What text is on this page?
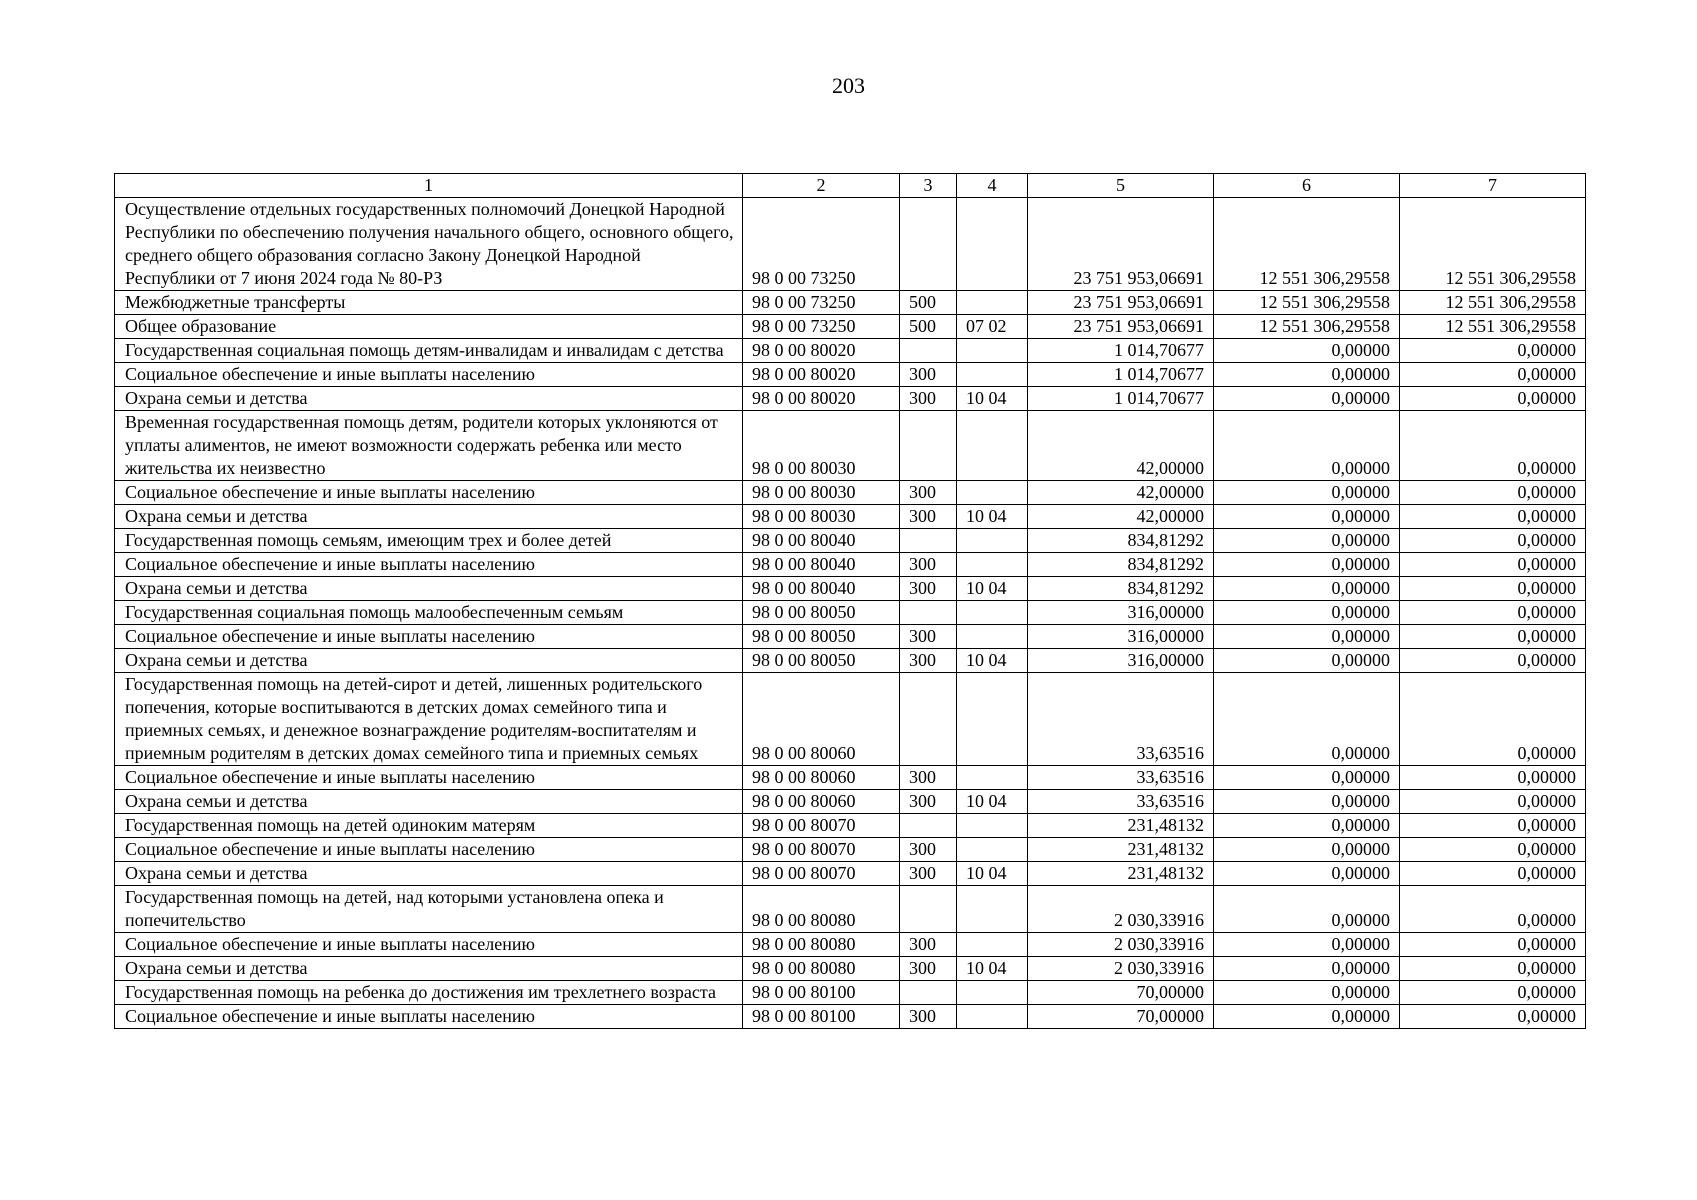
203
1	2	3	4	5	6	7
Осуществление отдельных государственных полномочий Донецкой Народной Республики по обеспечению получения начального общего, основного общего, среднего общего образования согласно Закону Донецкой Народной Республики от 7 июня 2024 года № 80-РЗ	98 0 00 73250			23 751 953,06691	12 551 306,29558	12 551 306,29558
Межбюджетные трансферты	98 0 00 73250	500		23 751 953,06691	12 551 306,29558	12 551 306,29558
Общее образование	98 0 00 73250	500	07 02	23 751 953,06691	12 551 306,29558	12 551 306,29558
Государственная социальная помощь детям-инвалидам и инвалидам с детства	98 0 00 80020			1 014,70677	0,00000	0,00000
Социальное обеспечение и иные выплаты населению	98 0 00 80020	300		1 014,70677	0,00000	0,00000
Охрана семьи и детства	98 0 00 80020	300	10 04	1 014,70677	0,00000	0,00000
Временная государственная помощь детям, родители которых уклоняются от уплаты алиментов, не имеют возможности содержать ребенка или место жительства их неизвестно	98 0 00 80030			42,00000	0,00000	0,00000
Социальное обеспечение и иные выплаты населению	98 0 00 80030	300		42,00000	0,00000	0,00000
Охрана семьи и детства	98 0 00 80030	300	10 04	42,00000	0,00000	0,00000
Государственная помощь семьям, имеющим трех и более детей	98 0 00 80040			834,81292	0,00000	0,00000
Социальное обеспечение и иные выплаты населению	98 0 00 80040	300		834,81292	0,00000	0,00000
Охрана семьи и детства	98 0 00 80040	300	10 04	834,81292	0,00000	0,00000
Государственная социальная помощь малообеспеченным семьям	98 0 00 80050			316,00000	0,00000	0,00000
Социальное обеспечение и иные выплаты населению	98 0 00 80050	300		316,00000	0,00000	0,00000
Охрана семьи и детства	98 0 00 80050	300	10 04	316,00000	0,00000	0,00000
Государственная помощь на детей-сирот и детей, лишенных родительского попечения, которые воспитываются в детских домах семейного типа и приемных семьях, и денежное вознаграждение родителям-воспитателям и приемным родителям в детских домах семейного типа и приемных семьях	98 0 00 80060			33,63516	0,00000	0,00000
Социальное обеспечение и иные выплаты населению	98 0 00 80060	300		33,63516	0,00000	0,00000
Охрана семьи и детства	98 0 00 80060	300	10 04	33,63516	0,00000	0,00000
Государственная помощь на детей одиноким матерям	98 0 00 80070			231,48132	0,00000	0,00000
Социальное обеспечение и иные выплаты населению	98 0 00 80070	300		231,48132	0,00000	0,00000
Охрана семьи и детства	98 0 00 80070	300	10 04	231,48132	0,00000	0,00000
Государственная помощь на детей, над которыми установлена опека и попечительство	98 0 00 80080			2 030,33916	0,00000	0,00000
Социальное обеспечение и иные выплаты населению	98 0 00 80080	300		2 030,33916	0,00000	0,00000
Охрана семьи и детства	98 0 00 80080	300	10 04	2 030,33916	0,00000	0,00000
Государственная помощь на ребенка до достижения им трехлетнего возраста	98 0 00 80100			70,00000	0,00000	0,00000
Социальное обеспечение и иные выплаты населению	98 0 00 80100	300		70,00000	0,00000	0,00000
